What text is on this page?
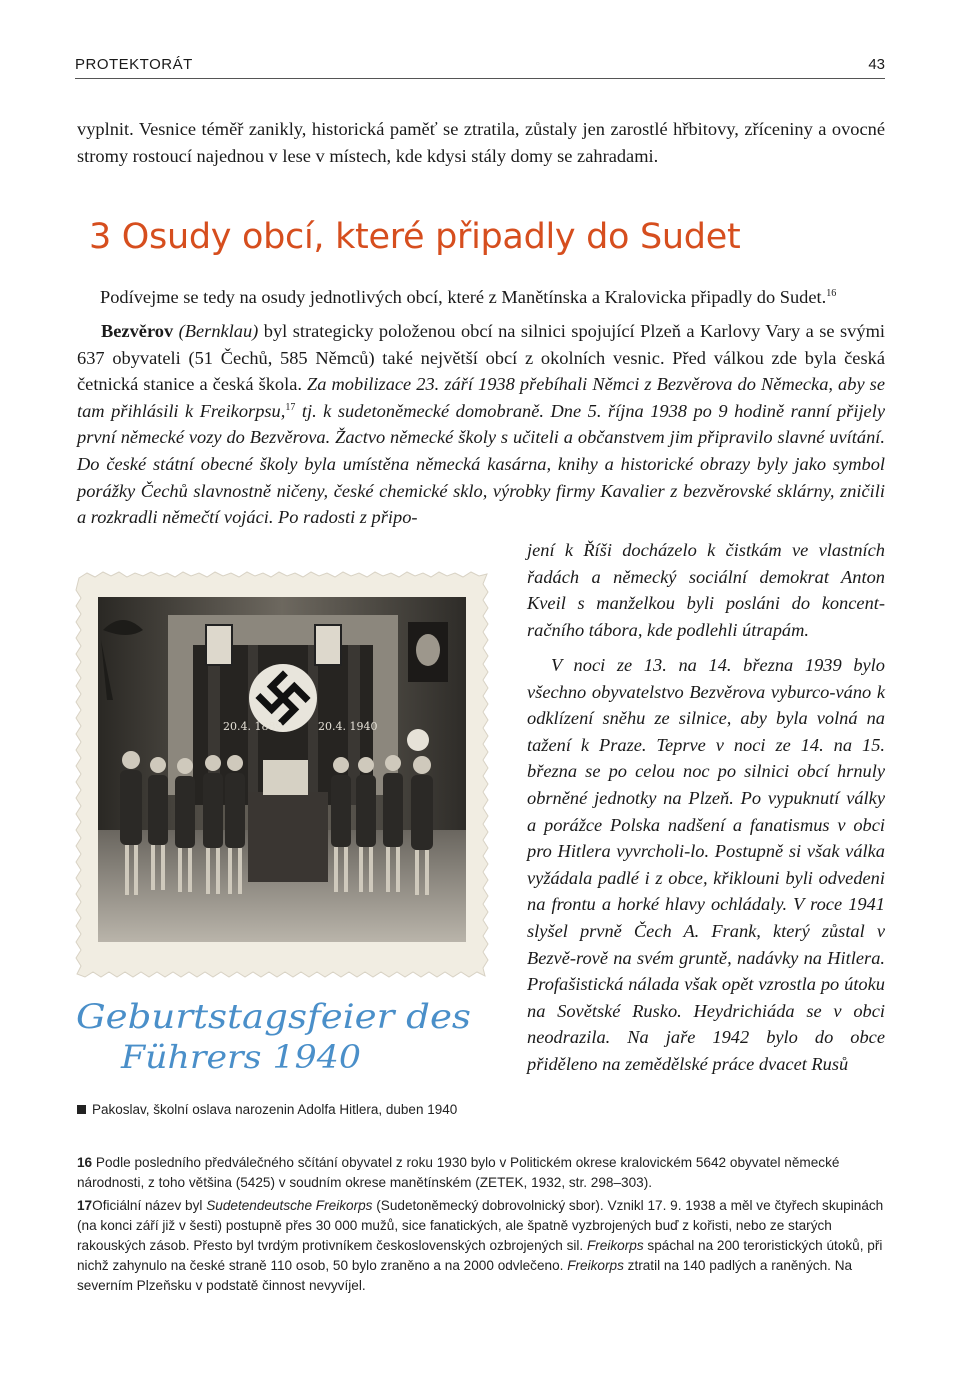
PROTEKTORÁT	43
vyplnit. Vesnice téměř zanikly, historická paměť se ztratila, zůstaly jen zarostlé hřbitovy, zříceniny a ovocné stromy rostoucí najednou v lese v místech, kde kdysi stály domy se zahradami.
3 Osudy obcí, které připadly do Sudet
Podívejme se tedy na osudy jednotlivých obcí, které z Manětínska a Kralovicka připadly do Sudet.$^{16}$
Bezvěrov (Bernklau) byl strategicky položenou obcí na silnici spojující Plzeň a Karlovy Vary a se svými 637 obyvateli (51 Čechů, 585 Němců) také největší obcí z okolních vesnic. Před válkou zde byla česká četnická stanice a česká škola. Za mobilizace 23. září 1938 přebíhali Němci z Bezvěrova do Německa, aby se tam přihlásili k Freikorpsu,$^{17}$ tj. k sudetoněmecké domobraně. Dne 5. října 1938 po 9 hodině ranní přijely první německé vozy do Bezvěrova. Žactvo německé školy s učiteli a občanstvem jim připravilo slavné uvítání. Do české státní obecné školy byla umístěna německá kasárna, knihy a historické obrazy byly jako symbol porážky Čechů slavnostně ničeny, české chemické sklo, výrobky firmy Kavalier z bezvěrovské sklárny, zničili a rozkradli němečtí vojáci. Po radosti z připo-
jení k Říši docházelo k čistkám ve vlastních řadách a německý sociální demokrat Anton Kveil s manželkou byli posláni do koncent-račního tábora, kde podlehli útrapám.
V noci ze 13. na 14. března 1939 bylo všechno obyvatelstvo Bezvěrova vyburco-váno k odklízení sněhu ze silnice, aby byla volná na tažení k Praze. Teprve v noci ze 14. na 15. března se po celou noc po silnici obcí hrnuly obrněné jednotky na Plzeň. Po vypuknutí války a porážce Polska nadšení a fanatismus v obci pro Hitlera vyvrcholi-lo. Postupně si však válka vyžádala padlé i z obce, křiklouni byli odvedeni na frontu a horké hlavy ochládaly. V roce 1941 slyšel prvně Čech A. Frank, který zůstal v Bezvě-rově na svém gruntě, nadávky na Hitlera. Profašistická nálada však opět vzrostla po útoku na Sovětské Rusko. Heydrichiáda se v obci neodrazila. Na jaře 1942 bylo do obce přiděleno na zemědělské práce dvacet Rusů
20.4. 1889	20.4. 1940
Geburtstagsfeier des
Führers 1940
Pakoslav, školní oslava narozenin Adolfa Hitlera, duben 1940
16 Podle posledního předválečného sčítání obyvatel z roku 1930 bylo v Politickém okrese kralovickém 5642 obyvatel německé národnosti, z toho většina (5425) v soudním okrese manětínském (ZETEK, 1932, str. 298–303).
17Oficiální název byl Sudetendeutsche Freikorps (Sudetoněmecký dobrovolnický sbor). Vznikl 17. 9. 1938 a měl ve čtyřech skupinách (na konci září již v šesti) postupně přes 30 000 mužů, sice fanatických, ale špatně vyzbrojených buď z kořisti, nebo ze starých rakouských zásob. Přesto byl tvrdým protivníkem československých ozbrojených sil. Freikorps spáchal na 200 teroristických útoků, při nichž zahynulo na české straně 110 osob, 50 bylo zraněno a na 2000 odvlečeno. Freikorps ztratil na 140 padlých a raněných. Na severním Plzeňsku v podstatě činnost nevyvíjel.
